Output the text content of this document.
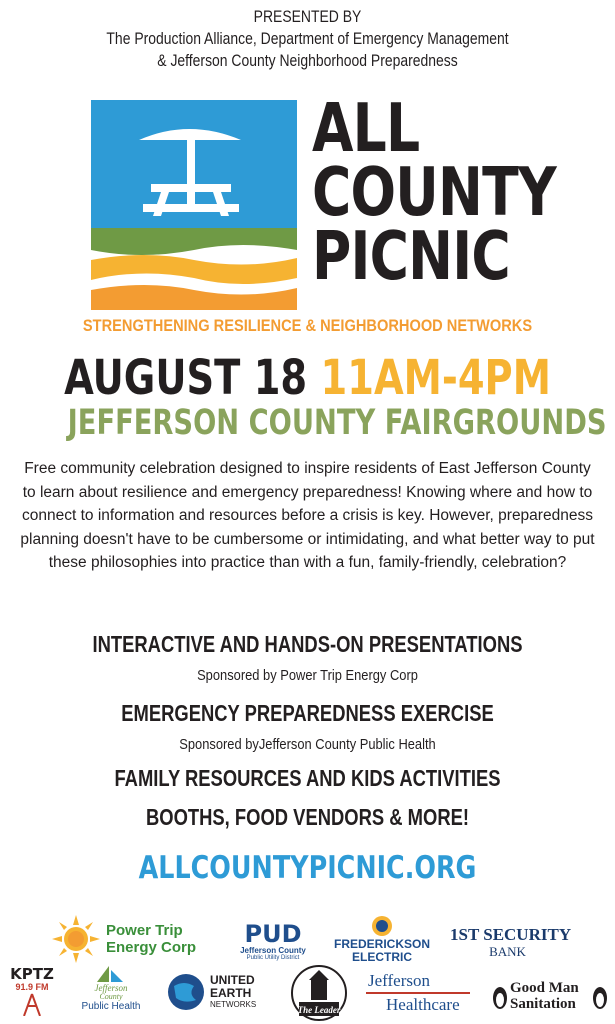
PRESENTED BY
The Production Alliance, Department of Emergency Management
& Jefferson County Neighborhood Preparedness
ALL
COUNTY
PICNIC
STRENGTHENING RESILIENCE & NEIGHBORHOOD NETWORKS
AUGUST 18 11AM-4PM
JEFFERSON COUNTY FAIRGROUNDS
Free community celebration designed to inspire residents of East Jefferson County to learn about resilience and emergency preparedness! Knowing where and how to connect to information and resources before a crisis is key. However, preparedness planning doesn't have to be cumbersome or intimidating, and what better way to put these philosophies into practice than with a fun, family-friendly, celebration?
INTERACTIVE AND HANDS-ON PRESENTATIONS
Sponsored by Power Trip Energy Corp
EMERGENCY PREPAREDNESS EXERCISE
Sponsored byJefferson County Public Health
FAMILY RESOURCES AND KIDS ACTIVITIES
BOOTHS, FOOD VENDORS & MORE!
ALLCOUNTYPICNIC.ORG
Power Trip
Energy Corp	PUD
Jefferson County
Public Utility District
FREDERICKSON
ELECTRIC
1ST SECURITY
BANK
KPTZ
91.9 FM	Jefferson
County
Public Health
UNITED
EARTH
NETWORKS
The Leader
Jefferson
Healthcare
Good Man
Sanitation
